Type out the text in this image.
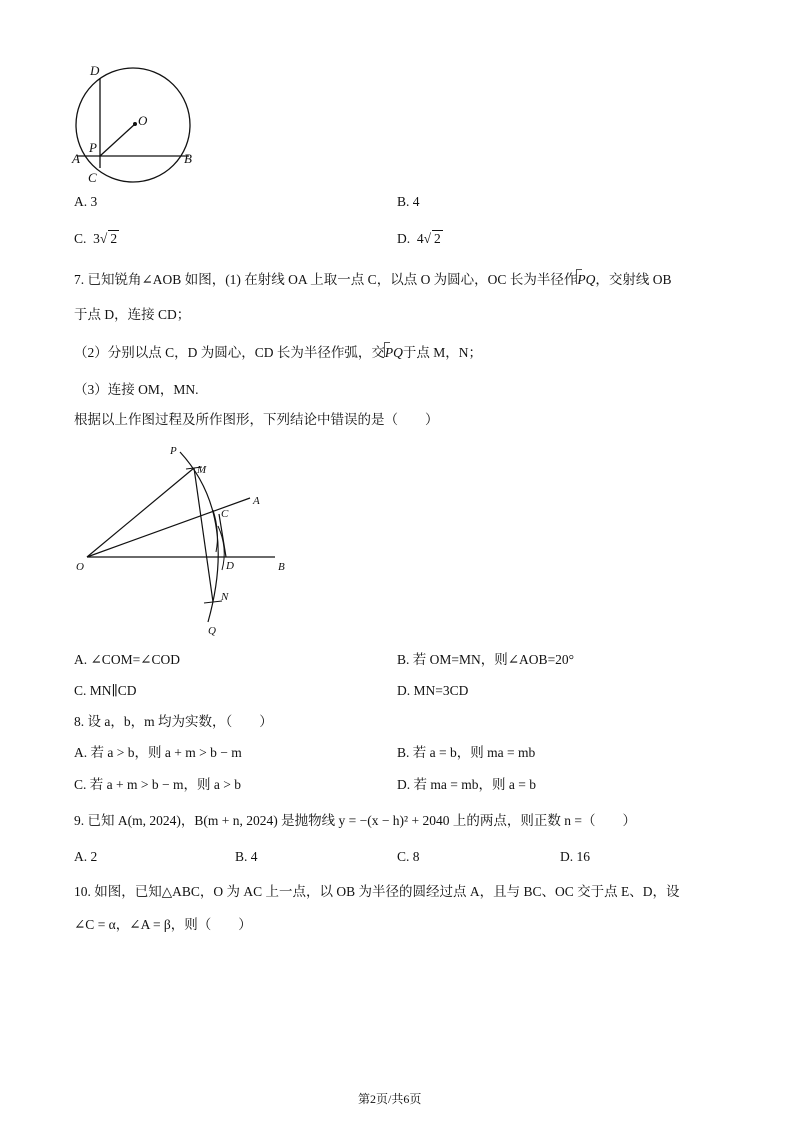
D
O
P
A	B
C
A. 3	B. 4
C. 3√ 2	D. 4√ 2
7. 已知锐角∠AOB 如图，(1) 在射线 OA 上取一点 C，以点 O 为圆心，OC 长为半径作PQ，交射线 OB
于点 D，连接 CD；
（2）分别以点 C，D 为圆心，CD 长为半径作弧，交PQ于点 M，N；
（3）连接 OM，MN.
根据以上作图过程及所作图形，下列结论中错误的是（　　）
P
M
A
C
O	D	B
N
Q
A. ∠COM=∠COD	B. 若 OM=MN，则∠AOB=20°
C. MN∥CD	D. MN=3CD
8. 设 a，b，m 均为实数，（　　）
A. 若 a > b，则 a + m > b − m	B. 若 a = b，则 ma = mb
C. 若 a + m > b − m，则 a > b	D. 若 ma = mb，则 a = b
9. 已知 A(m, 2024)，B(m + n, 2024) 是抛物线 y = −(x − h)² + 2040 上的两点，则正数 n =（　　）
A. 2	B. 4	C. 8	D. 16
10. 如图，已知△ABC，O 为 AC 上一点，以 OB 为半径的圆经过点 A，且与 BC、OC 交于点 E、D，设
∠C = α，∠A = β，则（　　）
第2页/共6页
